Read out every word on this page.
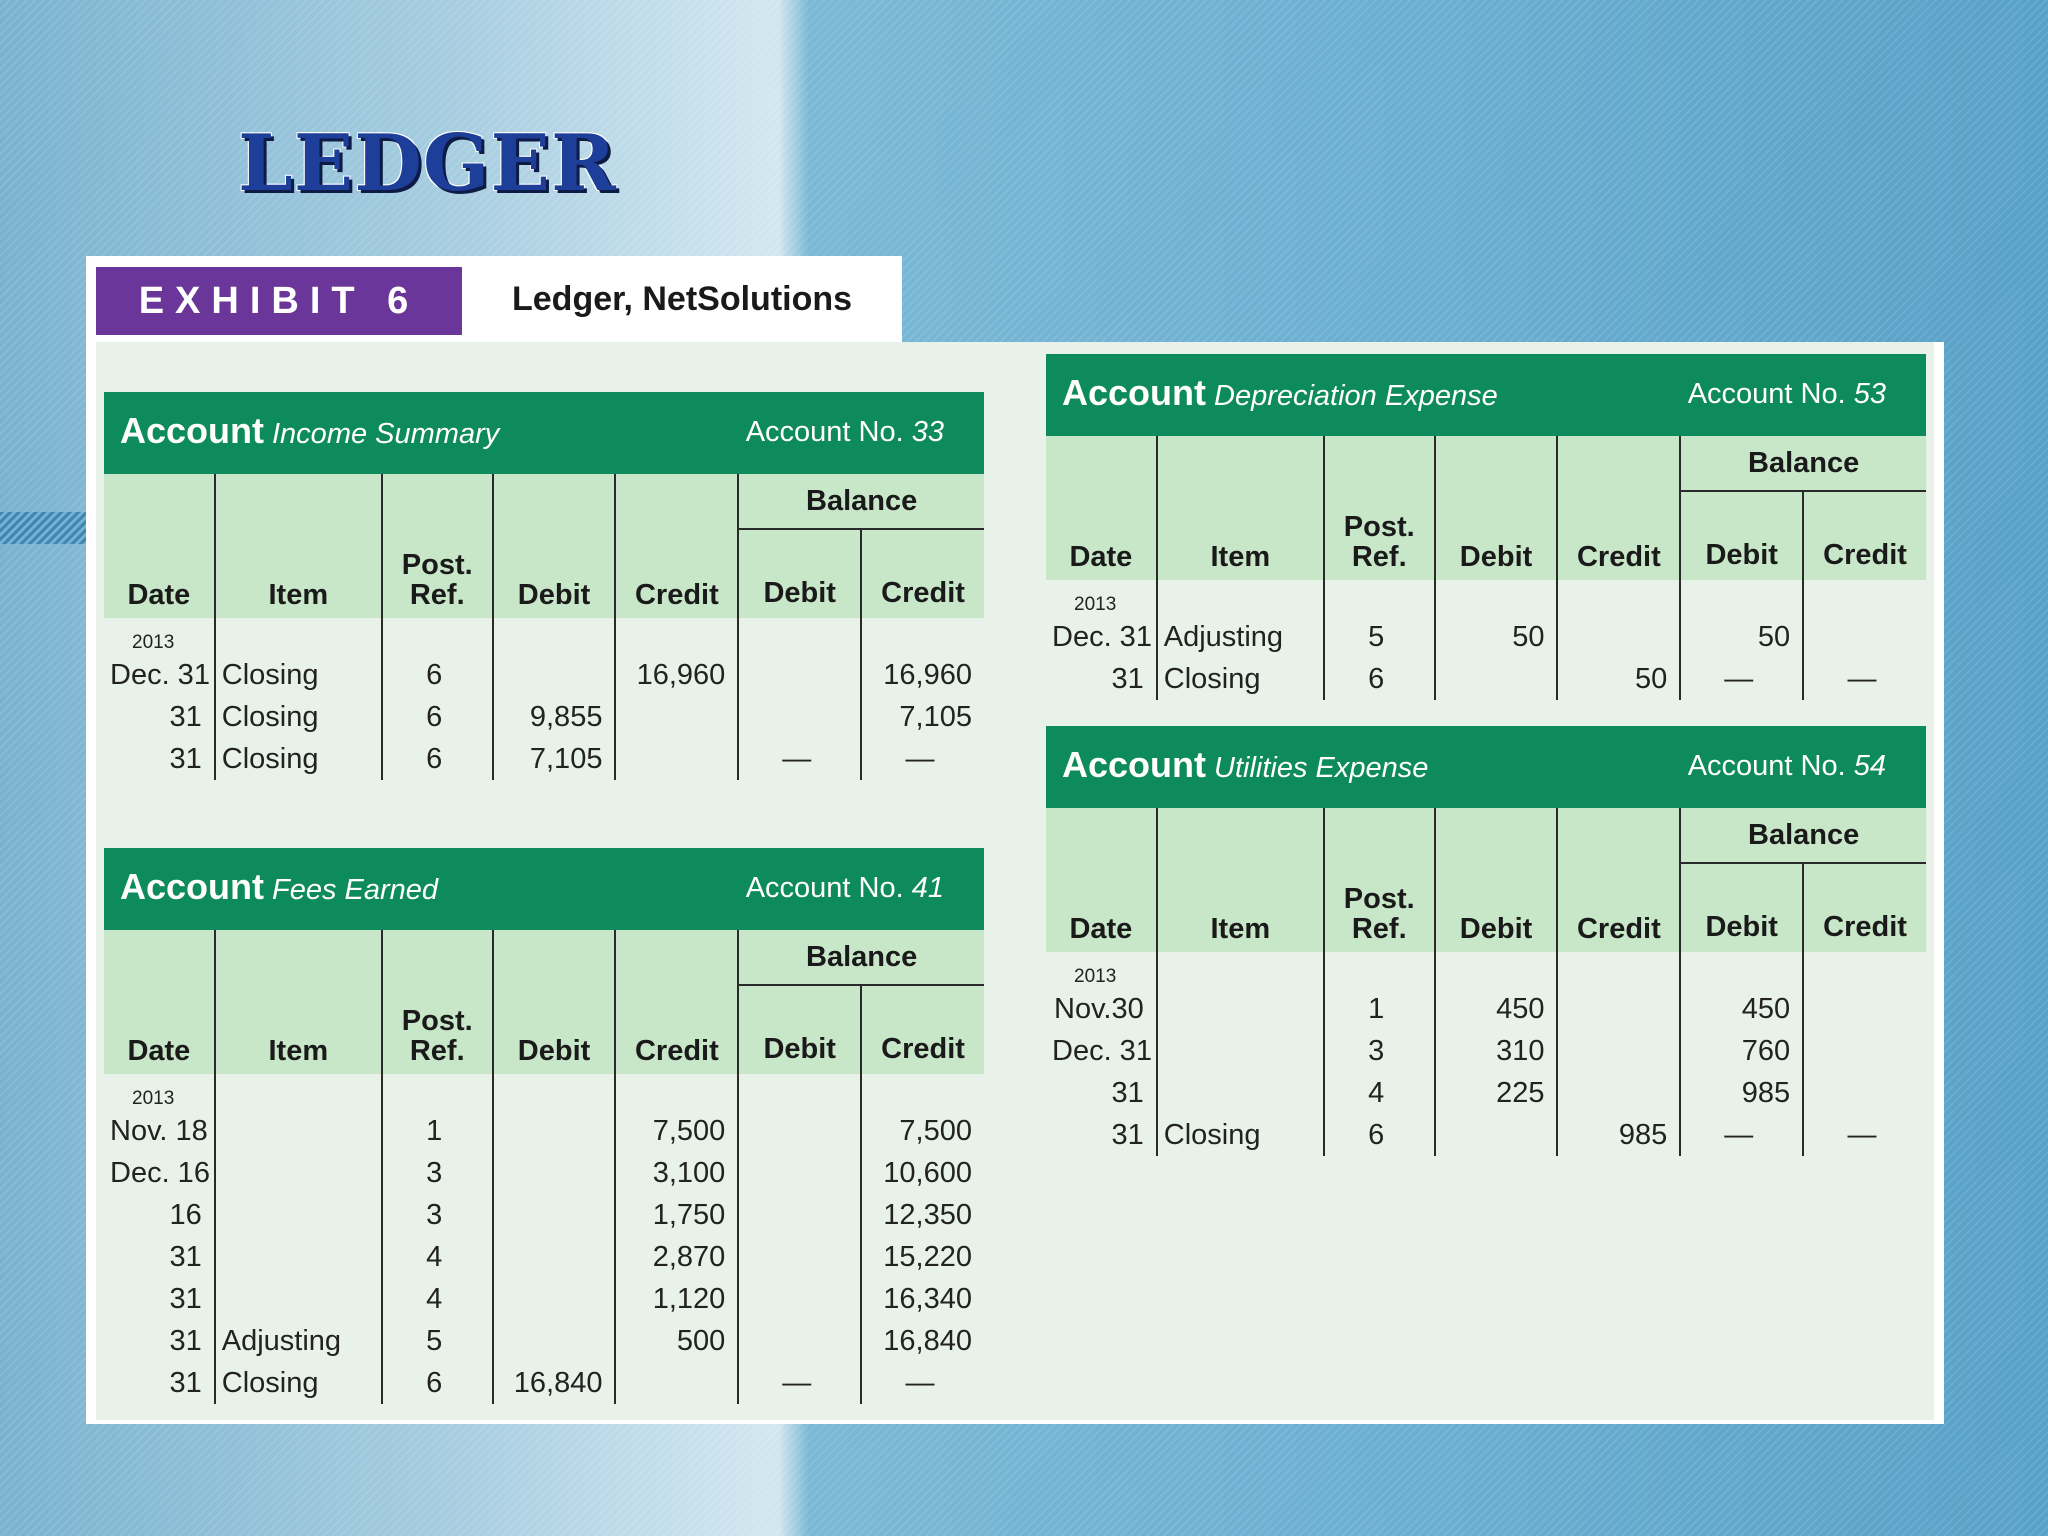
LEDGER
EXHIBIT 6	Ledger, NetSolutions
Account Income Summary	Account No. 33
Date	Item	Post. Ref.	Debit	Credit	Balance	
					Debit	Credit
2013						
Dec. 31	Closing	6		16,960		16,960
31	Closing	6	9,855			7,105
31	Closing	6	7,105		—	—
Account Fees Earned	Account No. 41
Date	Item	Post. Ref.	Debit	Credit	Balance	
					Debit	Credit
2013						
Nov. 18		1		7,500		7,500
Dec. 16		3		3,100		10,600
16		3		1,750		12,350
31		4		2,870		15,220
31		4		1,120		16,340
31	Adjusting	5		500		16,840
31	Closing	6	16,840		—	—
Account Depreciation Expense	Account No. 53
Date	Item	Post. Ref.	Debit	Credit	Balance	
					Debit	Credit
2013						
Dec. 31	Adjusting	5	50		50	
31	Closing	6		50	—	—
Account Utilities Expense	Account No. 54
Date	Item	Post. Ref.	Debit	Credit	Balance	
					Debit	Credit
2013						
Nov.30		1	450		450	
Dec. 31		3	310		760	
31		4	225		985	
31	Closing	6		985	—	—
